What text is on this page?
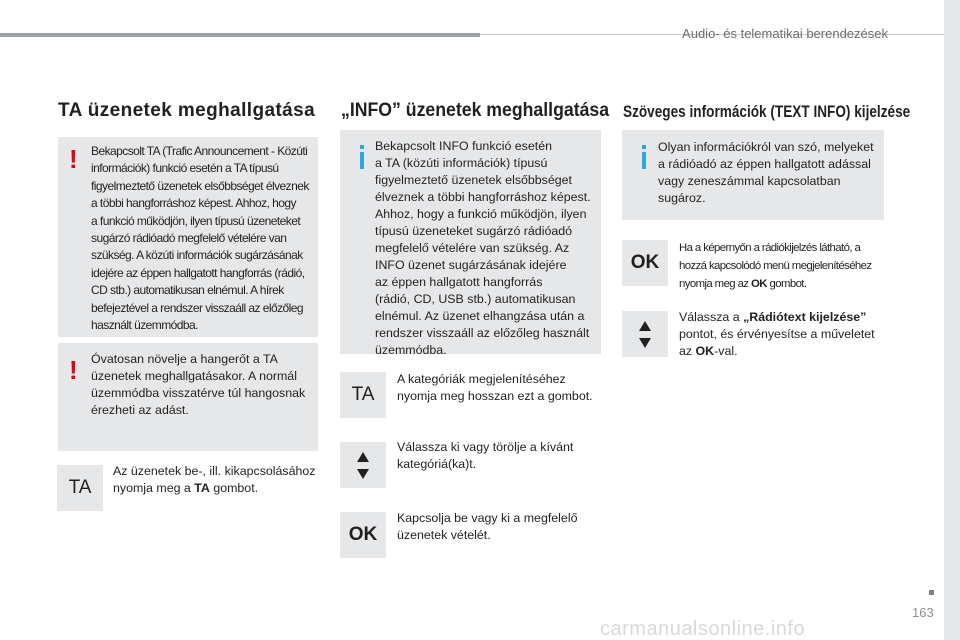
Audio- és telematikai berendezések
163
carmanualsonline.info
TA üzenetek meghallgatása
! Bekapcsolt TA (Trafic Announcement - Közúti
információk) funkció esetén a TA típusú
figyelmeztető üzenetek elsőbbséget élveznek
a többi hangforráshoz képest. Ahhoz, hogy
a funkció működjön, ilyen típusú üzeneteket
sugárzó rádióadó megfelelő vételére van
szükség. A közúti információk sugárzásának
idejére az éppen hallgatott hangforrás (rádió,
CD stb.) automatikusan elnémul. A hírek
befejeztével a rendszer visszaáll az előzőleg
használt üzemmódba.
! Óvatosan növelje a hangerőt a TA
üzenetek meghallgatásakor. A normál
üzemmódba visszatérve túl hangosnak
érezheti az adást.
TA
Az üzenetek be-, ill. kikapcsolásához
nyomja meg a TA gombot.
„INFO” üzenetek meghallgatása
Bekapcsolt INFO funkció esetén
a TA (közúti információk) típusú
figyelmeztető üzenetek elsőbbséget
élveznek a többi hangforráshoz képest.
Ahhoz, hogy a funkció működjön, ilyen
típusú üzeneteket sugárzó rádióadó
megfelelő vételére van szükség. Az
INFO üzenet sugárzásának idejére
az éppen hallgatott hangforrás
(rádió, CD, USB stb.) automatikusan
elnémul. Az üzenet elhangzása után a
rendszer visszaáll az előzőleg használt
üzemmódba.
TA
A kategóriák megjelenítéséhez
nyomja meg hosszan ezt a gombot.
Válassza ki vagy törölje a kívánt
kategóriá(ka)t.
OK
Kapcsolja be vagy ki a megfelelő
üzenetek vételét.
Szöveges információk (TEXT INFO) kijelzése
Olyan információkról van szó, melyeket
a rádióadó az éppen hallgatott adással
vagy zeneszámmal kapcsolatban
sugároz.
OK
Ha a képernyőn a rádiókijelzés látható, a
hozzá kapcsolódó menü megjelenítéséhez
nyomja meg az OK gombot.
Válassza a „Rádiótext kijelzése”
pontot, és érvényesítse a műveletet
az OK-val.
